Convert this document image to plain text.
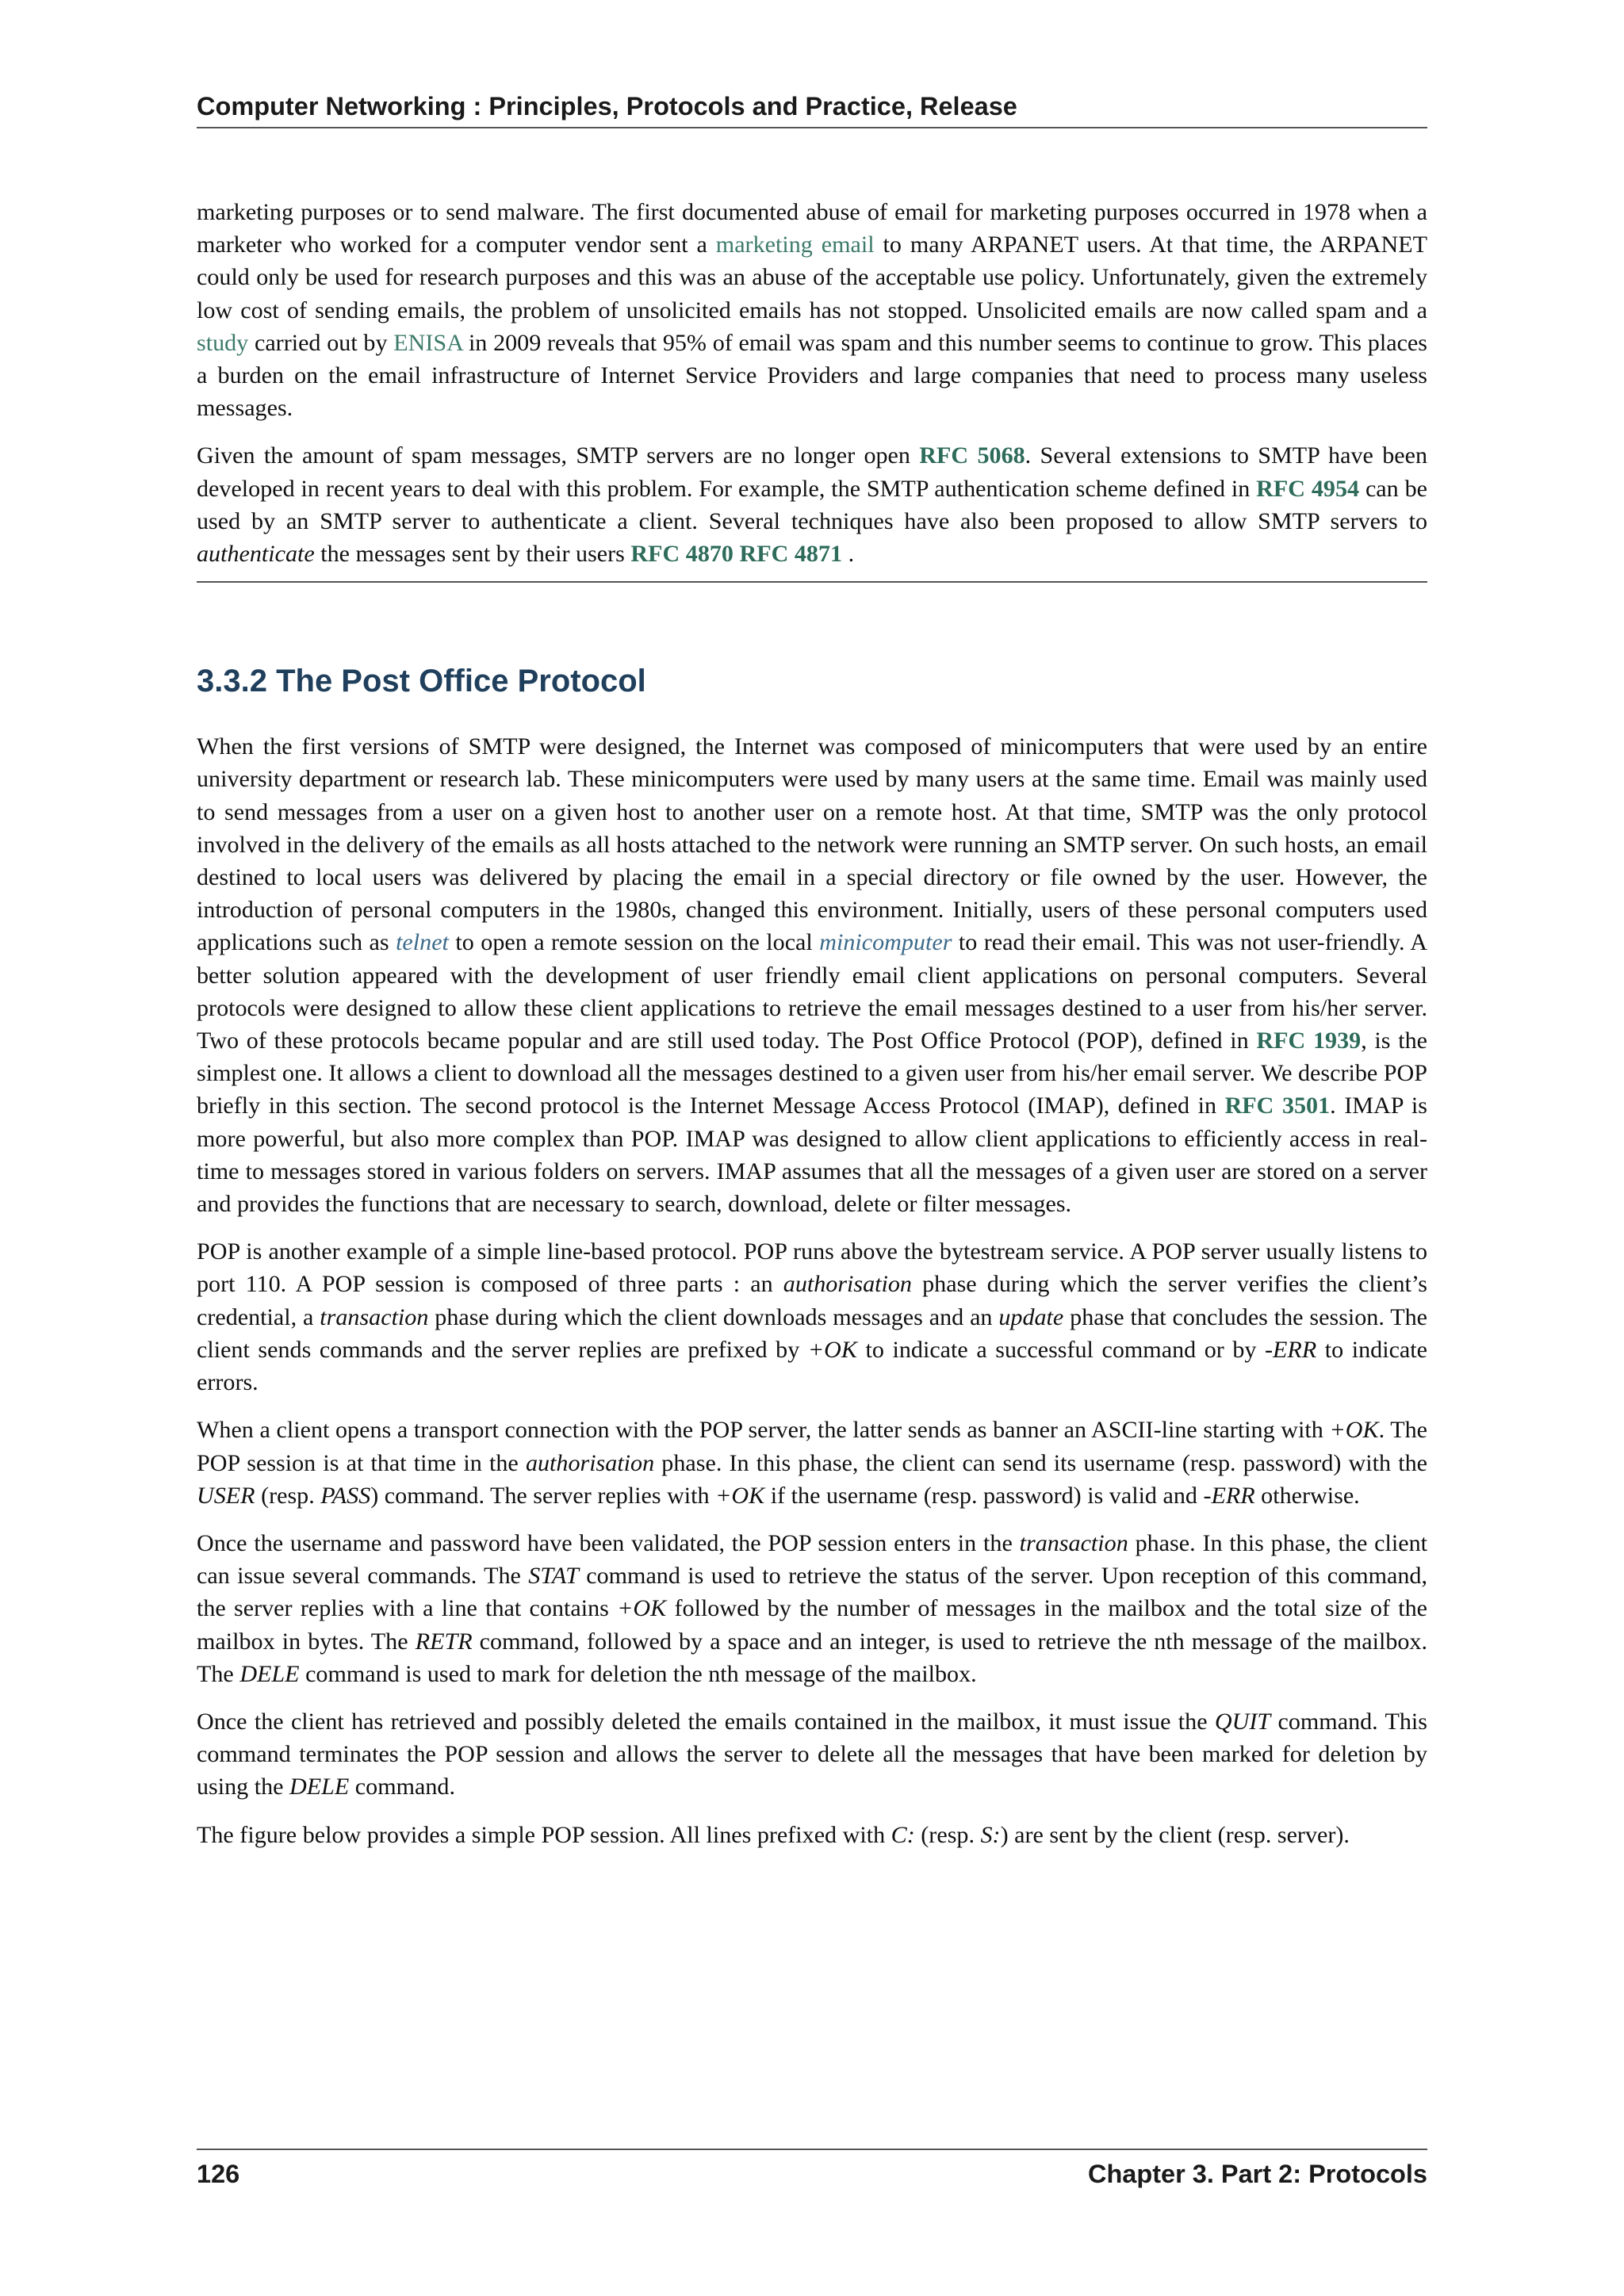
Computer Networking : Principles, Protocols and Practice, Release

marketing purposes or to send malware. The first documented abuse of email for marketing purposes occurred in 1978 when a marketer who worked for a computer vendor sent a marketing email to many ARPANET users. At that time, the ARPANET could only be used for research purposes and this was an abuse of the acceptable use policy. Unfortunately, given the extremely low cost of sending emails, the problem of unsolicited emails has not stopped. Unsolicited emails are now called spam and a study carried out by ENISA in 2009 reveals that 95% of email was spam and this number seems to continue to grow. This places a burden on the email infrastructure of Internet Service Providers and large companies that need to process many useless messages.

Given the amount of spam messages, SMTP servers are no longer open RFC 5068. Several extensions to SMTP have been developed in recent years to deal with this problem. For example, the SMTP authentication scheme defined in RFC 4954 can be used by an SMTP server to authenticate a client. Several techniques have also been proposed to allow SMTP servers to authenticate the messages sent by their users RFC 4870 RFC 4871 .

3.3.2 The Post Office Protocol

When the first versions of SMTP were designed, the Internet was composed of minicomputers that were used by an entire university department or research lab. These minicomputers were used by many users at the same time. Email was mainly used to send messages from a user on a given host to another user on a remote host. At that time, SMTP was the only protocol involved in the delivery of the emails as all hosts attached to the network were running an SMTP server. On such hosts, an email destined to local users was delivered by placing the email in a special directory or file owned by the user. However, the introduction of personal computers in the 1980s, changed this environment. Initially, users of these personal computers used applications such as telnet to open a remote session on the local minicomputer to read their email. This was not user-friendly. A better solution appeared with the development of user friendly email client applications on personal computers. Several protocols were designed to allow these client applications to retrieve the email messages destined to a user from his/her server. Two of these protocols became popular and are still used today. The Post Office Protocol (POP), defined in RFC 1939, is the simplest one. It allows a client to download all the messages destined to a given user from his/her email server. We describe POP briefly in this section. The second protocol is the Internet Message Access Protocol (IMAP), defined in RFC 3501. IMAP is more powerful, but also more complex than POP. IMAP was designed to allow client applications to efficiently access in real-time to messages stored in various folders on servers. IMAP assumes that all the messages of a given user are stored on a server and provides the functions that are necessary to search, download, delete or filter messages.

POP is another example of a simple line-based protocol. POP runs above the bytestream service. A POP server usually listens to port 110. A POP session is composed of three parts : an authorisation phase during which the server verifies the client’s credential, a transaction phase during which the client downloads messages and an update phase that concludes the session. The client sends commands and the server replies are prefixed by +OK to indicate a successful command or by -ERR to indicate errors.

When a client opens a transport connection with the POP server, the latter sends as banner an ASCII-line starting with +OK. The POP session is at that time in the authorisation phase. In this phase, the client can send its username (resp. password) with the USER (resp. PASS) command. The server replies with +OK if the username (resp. password) is valid and -ERR otherwise.

Once the username and password have been validated, the POP session enters in the transaction phase. In this phase, the client can issue several commands. The STAT command is used to retrieve the status of the server. Upon reception of this command, the server replies with a line that contains +OK followed by the number of messages in the mailbox and the total size of the mailbox in bytes. The RETR command, followed by a space and an integer, is used to retrieve the nth message of the mailbox. The DELE command is used to mark for deletion the nth message of the mailbox.

Once the client has retrieved and possibly deleted the emails contained in the mailbox, it must issue the QUIT command. This command terminates the POP session and allows the server to delete all the messages that have been marked for deletion by using the DELE command.

The figure below provides a simple POP session. All lines prefixed with C: (resp. S:) are sent by the client (resp. server).

126	Chapter 3. Part 2: Protocols
